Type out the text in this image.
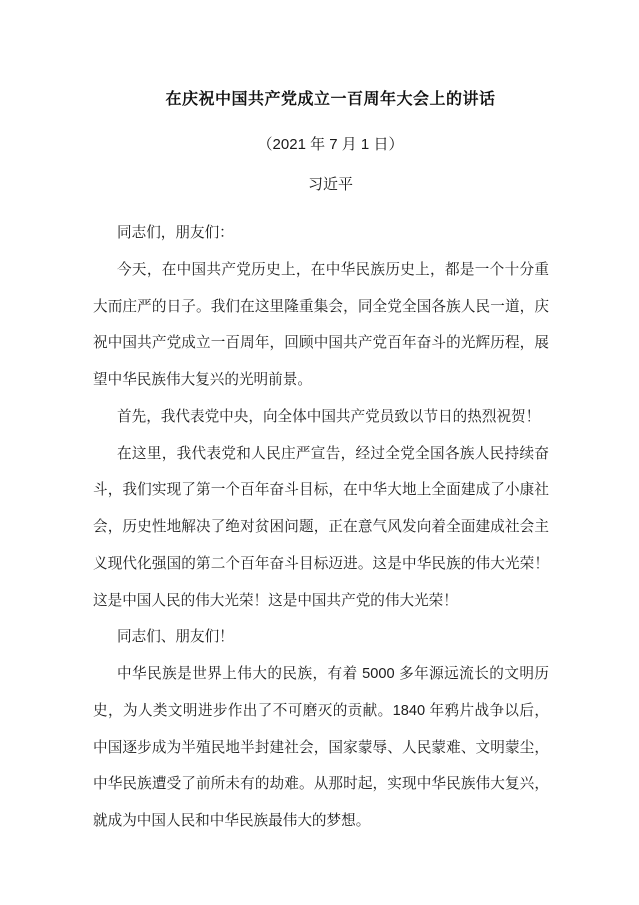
在庆祝中国共产党成立一百周年大会上的讲话
（2021 年 7 月 1 日）
习近平

同志们，朋友们：

今天，在中国共产党历史上，在中华民族历史上，都是一个十分重大而庄严的日子。我们在这里隆重集会，同全党全国各族人民一道，庆祝中国共产党成立一百周年，回顾中国共产党百年奋斗的光辉历程，展望中华民族伟大复兴的光明前景。

首先，我代表党中央，向全体中国共产党员致以节日的热烈祝贺！

在这里，我代表党和人民庄严宣告，经过全党全国各族人民持续奋斗，我们实现了第一个百年奋斗目标，在中华大地上全面建成了小康社会，历史性地解决了绝对贫困问题，正在意气风发向着全面建成社会主义现代化强国的第二个百年奋斗目标迈进。这是中华民族的伟大光荣！这是中国人民的伟大光荣！这是中国共产党的伟大光荣！

同志们、朋友们！

中华民族是世界上伟大的民族，有着 5000 多年源远流长的文明历史，为人类文明进步作出了不可磨灭的贡献。1840 年鸦片战争以后，中国逐步成为半殖民地半封建社会，国家蒙辱、人民蒙难、文明蒙尘，中华民族遭受了前所未有的劫难。从那时起，实现中华民族伟大复兴，就成为中国人民和中华民族最伟大的梦想。
